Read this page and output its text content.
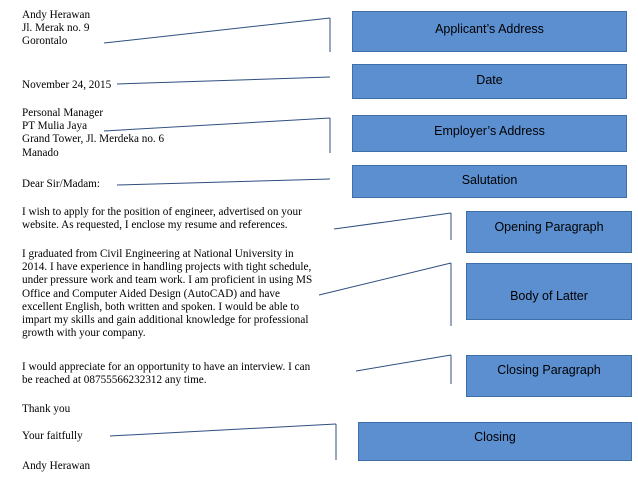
Andy Herawan
Jl. Merak no. 9
Gorontalo
November 24, 2015
Personal Manager
PT Mulia Jaya
Grand Tower, Jl. Merdeka no. 6
Manado
Dear Sir/Madam:

I wish to apply for the position of engineer, advertised on your

website. As requested, I enclose my resume and references.

I graduated from Civil Engineering at National University in

2014. I have experience in handling projects with tight schedule,

under pressure work and team work. I am proficient in using MS

Office and Computer Aided Design (AutoCAD) and have

excellent English, both written and spoken. I would be able to

impart my skills and gain additional knowledge for professional

growth with your company.

I would appreciate for an opportunity to have an interview. I can

be reached at 08755566232312 any time.

Thank you
Your faitfully
Andy Herawan
Applicant’s Address
Date
Employer’s Address
Salutation
Opening Paragraph
Body of Latter
Closing Paragraph
Closing
